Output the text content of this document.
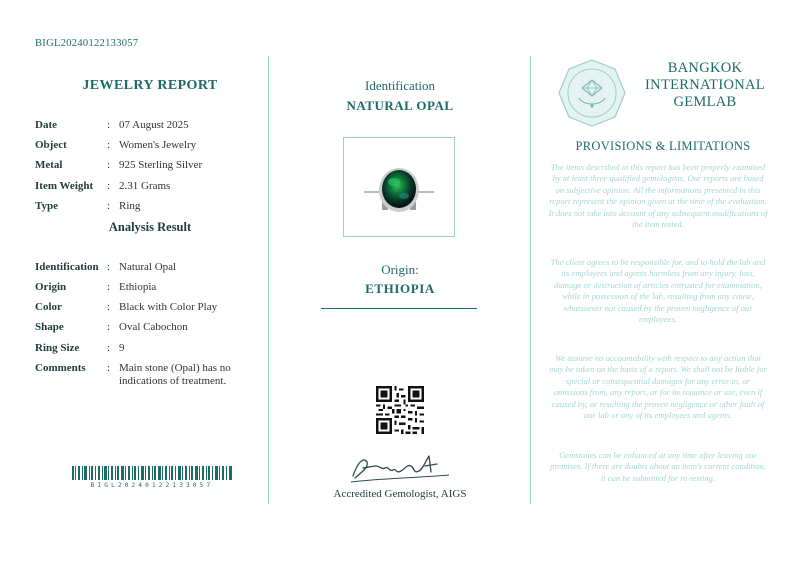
BIGL20240122133057
JEWELRY REPORT
Date	: 07 August 2025
Object	: Women's Jewelry
Metal	: 925 Sterling Silver
Item Weight	: 2.31 Grams
Type	: Ring
Analysis Result
Identification : Natural Opal
Origin	: Ethiopia
Color	: Black with Color Play
Shape	: Oval Cabochon
Ring Size	: 9
Comments	: Main stone (Opal) has no indications of treatment.
BIGL20240122133057
Identification
NATURAL OPAL
Origin:
ETHIOPIA
Accredited Gemologist, AIGS
BANGKOK
INTERNATIONAL
GEMLAB
PROVISIONS & LIMITATIONS
The items described in this report has been properly examined by at least three qualified gemologists. Our reports are based on subjective opinion. All the informations presented in this report represent the opinion given at the time of the evaluation. It does not take into account of any subsequent modifications of the item tested.
The client agrees to be responsible for, and to hold the lab and its employees and agents harmless from any injury, loss, damage or destruction of articles entrusted for examination, while in possession of the lab, resulting from any cause, whatsoever not caused by the proven negligence of our employees.
We assume no accountability with respect to any action that may be taken on the basis of a report. We shall not be liable for special or consequential damages for any error in, or omissions from, any report, or for its issuance or use, even if caused by, or resulting the proven negligence or other fault of our lab or any of its employees and agents.
Gemstones can be enhanced at any time after leaving our premises. If there are doubts about an item's current condition, it can be submitted for re-testing.
